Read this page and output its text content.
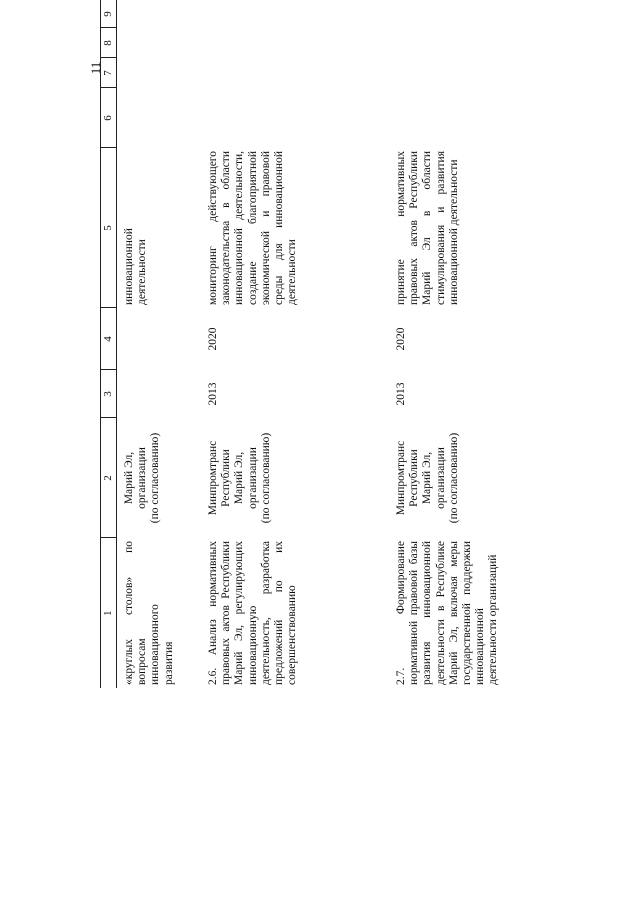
11
1	2	3	4	5	6	7	8	9	

«круглых столов» по вопросам инновационного развития	Марий Эл, организации (по согласованию)			инновационной деятельности					

2.6. Анализ нормативных правовых актов Республики Марий Эл, регулирующих инновационную деятельность, разработка предложений по их совершенствованию	Минпромтранс Республики Марий Эл, организации (по согласованию)	2013	2020	мониторинг действующего законодательства в области инновационной деятельности, создание благоприятной экономической и правовой среды для инновационной деятельности					
2.7. Формирование нормативной правовой базы развития инновационной деятельности в Республике Марий Эл, включая меры государственной поддержки инновационной деятельности организаций	Минпромтранс Республики Марий Эл, организации (по согласованию)	2013	2020	принятие нормативных правовых актов Республики Марий Эл в области стимулирования и развития инновационной деятельности					
